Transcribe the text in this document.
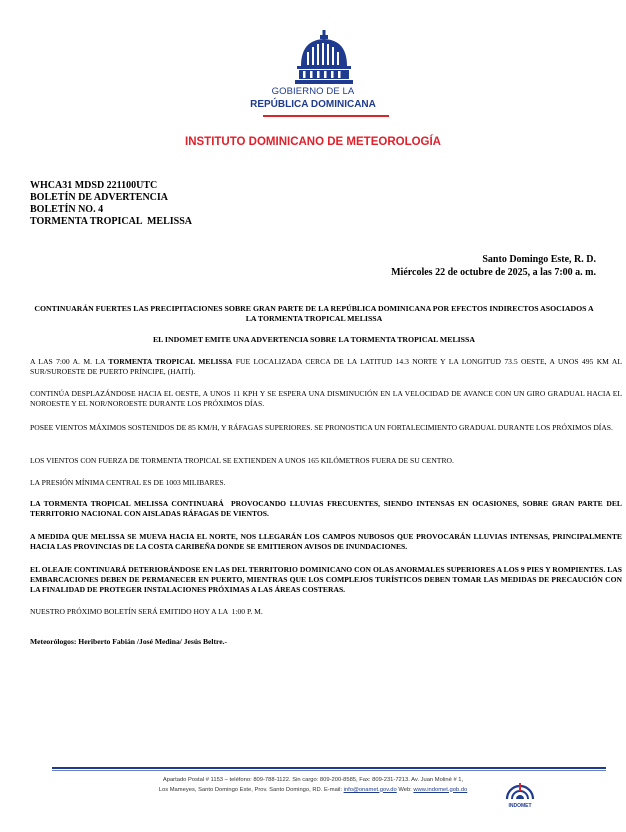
GOBIERNO DE LA
REPÚBLICA DOMINICANA
INSTITUTO DOMINICANO DE METEOROLOGÍA
WHCA31 MDSD 221100UTC
BOLETÍN DE ADVERTENCIA
BOLETÍN NO. 4
TORMENTA TROPICAL  MELISSA
Santo Domingo Este, R. D.
Miércoles 22 de octubre de 2025, a las 7:00 a. m.
CONTINUARÁN FUERTES LAS PRECIPITACIONES SOBRE GRAN PARTE DE LA REPÚBLICA DOMINICANA POR EFECTOS INDIRECTOS ASOCIADOS A LA TORMENTA TROPICAL MELISSA
EL INDOMET EMITE UNA ADVERTENCIA SOBRE LA TORMENTA TROPICAL MELISSA
A LAS 7:00 A. M. LA TORMENTA TROPICAL MELISSA FUE LOCALIZADA CERCA DE LA LATITUD 14.3 NORTE Y LA LONGITUD 73.5 OESTE, A UNOS 495 KM AL SUR/SUROESTE DE PUERTO PRÍNCIPE, (HAITÍ).
CONTINÚA DESPLAZÁNDOSE HACIA EL OESTE, A UNOS 11 KPH Y SE ESPERA UNA DISMINUCIÓN EN LA VELOCIDAD DE AVANCE CON UN GIRO GRADUAL HACIA EL NOROESTE Y EL NOR/NOROESTE DURANTE LOS PRÓXIMOS DÍAS.
POSEE VIENTOS MÁXIMOS SOSTENIDOS DE 85 KM/H, Y RÁFAGAS SUPERIORES. SE PRONOSTICA UN FORTALECIMIENTO GRADUAL DURANTE LOS PRÓXIMOS DÍAS.
LOS VIENTOS CON FUERZA DE TORMENTA TROPICAL SE EXTIENDEN A UNOS 165 KILÓMETROS FUERA DE SU CENTRO.
LA PRESIÓN MÍNIMA CENTRAL ES DE 1003 MILIBARES.
LA TORMENTA TROPICAL MELISSA CONTINUARÁ  PROVOCANDO LLUVIAS FRECUENTES, SIENDO INTENSAS EN OCASIONES, SOBRE GRAN PARTE DEL TERRITORIO NACIONAL CON AISLADAS RÁFAGAS DE VIENTOS.
A MEDIDA QUE MELISSA SE MUEVA HACIA EL NORTE, NOS LLEGARÁN LOS CAMPOS NUBOSOS QUE PROVOCARÁN LLUVIAS INTENSAS, PRINCIPALMENTE HACIA LAS PROVINCIAS DE LA COSTA CARIBEÑA DONDE SE EMITIERON AVISOS DE INUNDACIONES.
EL OLEAJE CONTINUARÁ DETERIORÁNDOSE EN LAS DEL TERRITORIO DOMINICANO CON OLAS ANORMALES SUPERIORES A LOS 9 PIES Y ROMPIENTES. LAS EMBARCACIONES DEBEN DE PERMANECER EN PUERTO, MIENTRAS QUE LOS COMPLEJOS TURÍSTICOS DEBEN TOMAR LAS MEDIDAS DE PRECAUCIÓN CON LA FINALIDAD DE PROTEGER INSTALACIONES PRÓXIMAS A LAS ÁREAS COSTERAS.
NUESTRO PRÓXIMO BOLETÍN SERÁ EMITIDO HOY A LA  1:00 P. M.
Meteorólogos: Heriberto Fabián /José Medina/ Jesús Beltre.-
Apartado Postal # 1153 – teléfono: 809-788-1122. Sin cargo: 809-200-8585, Fax: 809-231-7213. Av. Juan Moliné # 1,
Los Mameyes, Santo Domingo Este, Prov. Santo Domingo, RD. E-mail: info@onamet.gov.do Web: www.indomet.gob.do
INDOMET
